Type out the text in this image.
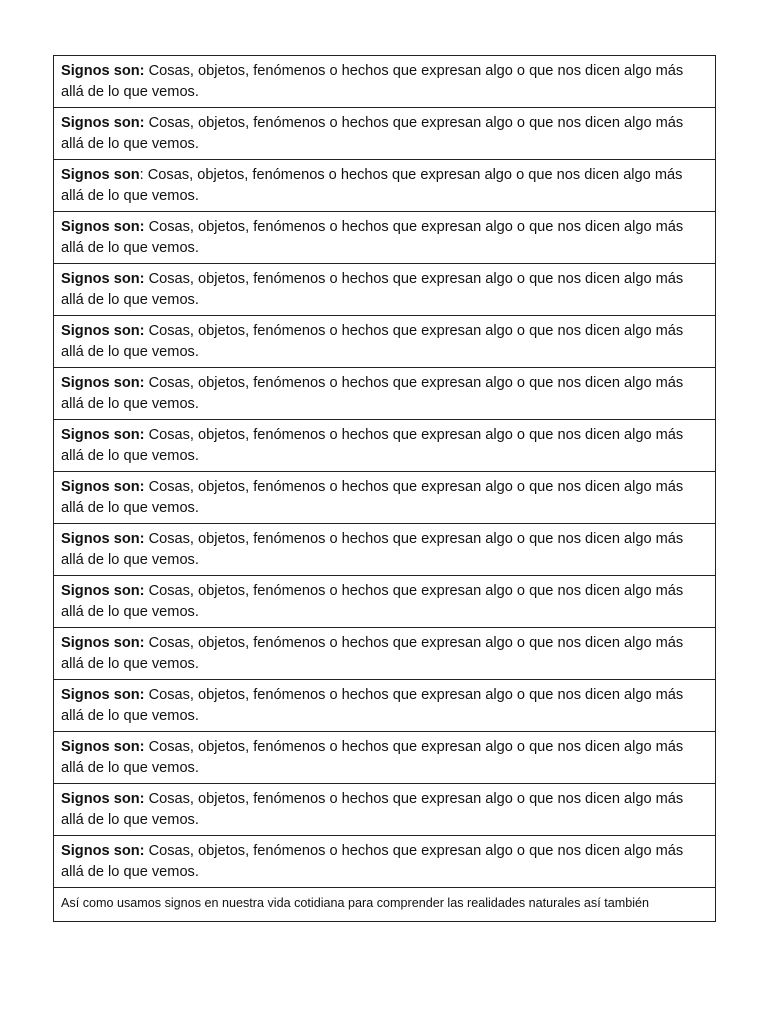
Signos son: Cosas, objetos, fenómenos o hechos que expresan algo o que nos dicen algo más allá de lo que vemos.
Signos son: Cosas, objetos, fenómenos o hechos que expresan algo o que nos dicen algo más allá de lo que vemos.
Signos son: Cosas, objetos, fenómenos o hechos que expresan algo o que nos dicen algo más allá de lo que vemos.
Signos son: Cosas, objetos, fenómenos o hechos que expresan algo o que nos dicen algo más allá de lo que vemos.
Signos son: Cosas, objetos, fenómenos o hechos que expresan algo o que nos dicen algo más allá de lo que vemos.
Signos son: Cosas, objetos, fenómenos o hechos que expresan algo o que nos dicen algo más allá de lo que vemos.
Signos son: Cosas, objetos, fenómenos o hechos que expresan algo o que nos dicen algo más allá de lo que vemos.
Signos son: Cosas, objetos, fenómenos o hechos que expresan algo o que nos dicen algo más allá de lo que vemos.
Signos son: Cosas, objetos, fenómenos o hechos que expresan algo o que nos dicen algo más allá de lo que vemos.
Signos son: Cosas, objetos, fenómenos o hechos que expresan algo o que nos dicen algo más allá de lo que vemos.
Signos son: Cosas, objetos, fenómenos o hechos que expresan algo o que nos dicen algo más allá de lo que vemos.
Signos son: Cosas, objetos, fenómenos o hechos que expresan algo o que nos dicen algo más allá de lo que vemos.
Signos son: Cosas, objetos, fenómenos o hechos que expresan algo o que nos dicen algo más allá de lo que vemos.
Signos son: Cosas, objetos, fenómenos o hechos que expresan algo o que nos dicen algo más allá de lo que vemos.
Signos son: Cosas, objetos, fenómenos o hechos que expresan algo o que nos dicen algo más allá de lo que vemos.
Signos son: Cosas, objetos, fenómenos o hechos que expresan algo o que nos dicen algo más allá de lo que vemos.
Así como usamos signos en nuestra vida cotidiana para comprender las realidades naturales así también
